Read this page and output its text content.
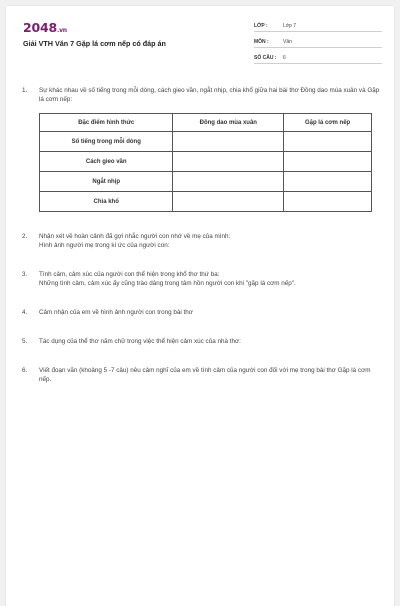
2048.vn
Giải VTH Văn 7 Gặp lá cơm nếp có đáp án
LỚP :	Lớp 7
MÔN :	Văn
SỐ CÂU :	6
1.	Sự khác nhau về số tiếng trong mỗi dòng, cách gieo vần, ngắt nhịp, chia khổ giữa hai bài thơ Đồng dao mùa xuân và Gặp lá cơm nếp:
Đặc điểm hình thức	Đồng dao mùa xuân	Gặp lá cơm nếp
Số tiếng trong mỗi dòng		
Cách gieo vần		
Ngắt nhịp		
Chia khổ		
2.	Nhận xét về hoàn cảnh đã gợi nhắc người con nhớ về mẹ của mình:
Hình ảnh người mẹ trong kí ức của người con:
3.	Tình cảm, cảm xúc của người con thể hiện trong khổ thơ thứ ba:
Những tình cảm, cảm xúc ấy cũng trào dâng trong tâm hồn người con khi "gặp lá cơm nếp".
4.	Cảm nhận của em về hình ảnh người con trong bài thơ
5.	Tác dụng của thể thơ năm chữ trong việc thể hiện cảm xúc của nhà thơ:
6.	Viết đoạn văn (khoảng 5 -7 câu) nêu cảm nghĩ của em về tình cảm của người con đối với mẹ trong bài thơ Gặp lá cơm nếp.
